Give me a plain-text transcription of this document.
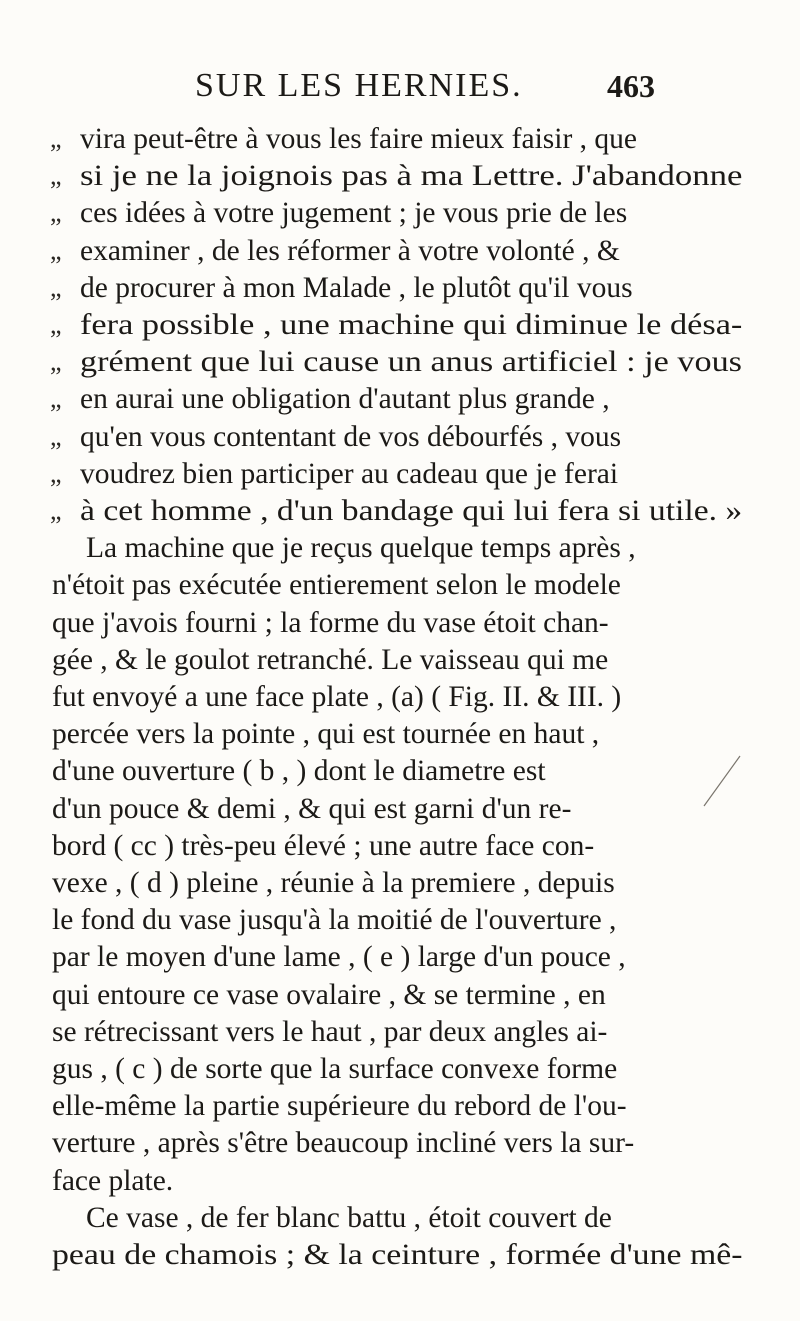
SUR LES HERNIES.	463
„ vira peut-être à vous les faire mieux faisir , que
„ si je ne la joignois pas à ma Lettre. J'abandonne
„ ces idées à votre jugement ; je vous prie de les
„ examiner , de les réformer à votre volonté , &
„ de procurer à mon Malade , le plutôt qu'il vous
„ fera possible , une machine qui diminue le désa-
„ grément que lui cause un anus artificiel : je vous
„ en aurai une obligation d'autant plus grande ,
„ qu'en vous contentant de vos débourfés , vous
„ voudrez bien participer au cadeau que je ferai
„ à cet homme , d'un bandage qui lui fera si utile. »
La machine que je reçus quelque temps après ,
n'étoit pas exécutée entierement selon le modele
que j'avois fourni ; la forme du vase étoit chan-
gée , & le goulot retranché. Le vaisseau qui me
fut envoyé a une face plate , (a) ( Fig. II. & III. )
percée vers la pointe , qui est tournée en haut ,
d'une ouverture ( b , ) dont le diametre est
d'un pouce & demi , & qui est garni d'un re-
bord ( cc ) très-peu élevé ; une autre face con-
vexe , ( d ) pleine , réunie à la premiere , depuis
le fond du vase jusqu'à la moitié de l'ouverture ,
par le moyen d'une lame , ( e ) large d'un pouce ,
qui entoure ce vase ovalaire , & se termine , en
se rétrecissant vers le haut , par deux angles ai-
gus , ( c ) de sorte que la surface convexe forme
elle-même la partie supérieure du rebord de l'ou-
verture , après s'être beaucoup incliné vers la sur-
face plate.
Ce vase , de fer blanc battu , étoit couvert de
peau de chamois ; & la ceinture , formée d'une mê-
